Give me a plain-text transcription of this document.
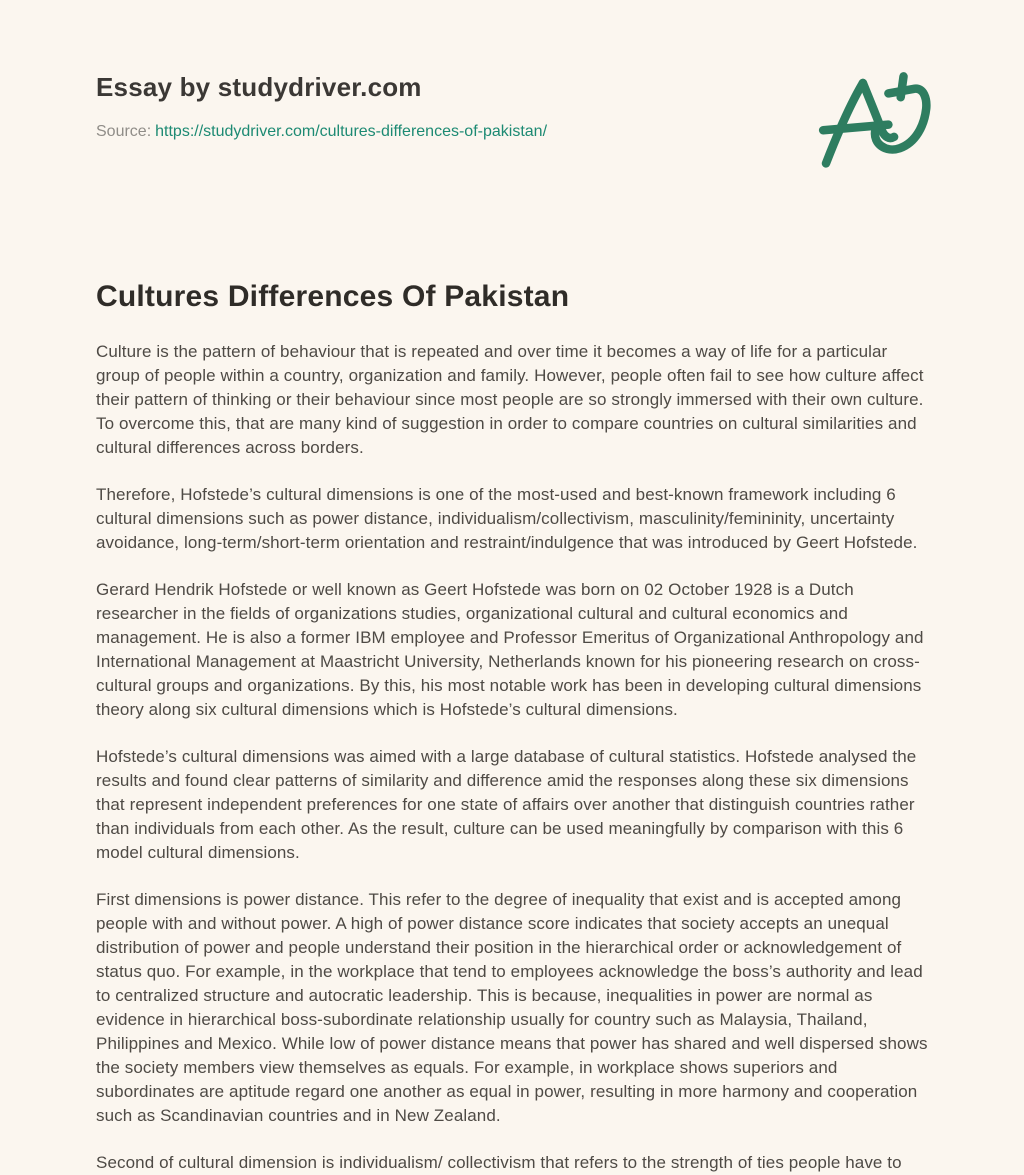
Essay by studydriver.com
Source: https://studydriver.com/cultures-differences-of-pakistan/
Cultures Differences Of Pakistan

Culture is the pattern of behaviour that is repeated and over time it becomes a way of life for a particular group of people within a country, organization and family. However, people often fail to see how culture affect their pattern of thinking or their behaviour since most people are so strongly immersed with their own culture. To overcome this, that are many kind of suggestion in order to compare countries on cultural similarities and cultural differences across borders.

Therefore, Hofstede’s cultural dimensions is one of the most-used and best-known framework including 6 cultural dimensions such as power distance, individualism/collectivism, masculinity/femininity, uncertainty avoidance, long-term/short-term orientation and restraint/indulgence that was introduced by Geert Hofstede.

Gerard Hendrik Hofstede or well known as Geert Hofstede was born on 02 October 1928 is a Dutch researcher in the fields of organizations studies, organizational cultural and cultural economics and management. He is also a former IBM employee and Professor Emeritus of Organizational Anthropology and International Management at Maastricht University, Netherlands known for his pioneering research on cross-cultural groups and organizations. By this, his most notable work has been in developing cultural dimensions theory along six cultural dimensions which is Hofstede’s cultural dimensions.

Hofstede’s cultural dimensions was aimed with a large database of cultural statistics. Hofstede analysed the results and found clear patterns of similarity and difference amid the responses along these six dimensions that represent independent preferences for one state of affairs over another that distinguish countries rather than individuals from each other. As the result, culture can be used meaningfully by comparison with this 6 model cultural dimensions.

First dimensions is power distance. This refer to the degree of inequality that exist and is accepted among people with and without power. A high of power distance score indicates that society accepts an unequal distribution of power and people understand their position in the hierarchical order or acknowledgement of status quo. For example, in the workplace that tend to employees acknowledge the boss’s authority and lead to centralized structure and autocratic leadership. This is because, inequalities in power are normal as evidence in hierarchical boss-subordinate relationship usually for country such as Malaysia, Thailand, Philippines and Mexico. While low of power distance means that power has shared and well dispersed shows the society members view themselves as equals. For example, in workplace shows superiors and subordinates are aptitude regard one another as equal in power, resulting in more harmony and cooperation such as Scandinavian countries and in New Zealand.

Second of cultural dimension is individualism/ collectivism that refers to the strength of ties people have to
